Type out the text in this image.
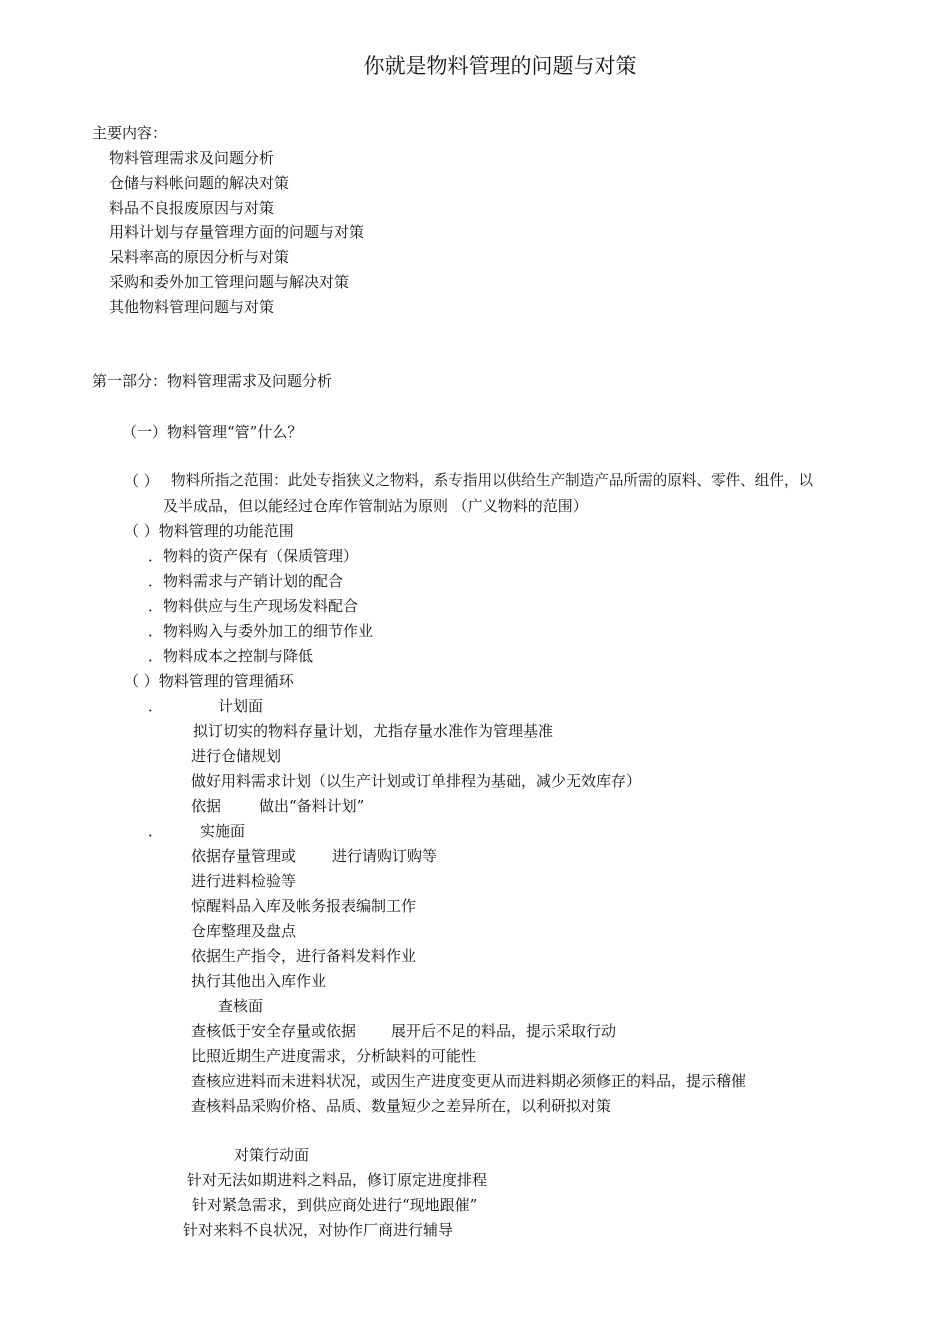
你就是物料管理的问题与对策
主要内容：
物料管理需求及问题分析
仓储与料帐问题的解决对策
料品不良报废原因与对策
用料计划与存量管理方面的问题与对策
呆料率高的原因分析与对策
采购和委外加工管理问题与解决对策
其他物料管理问题与对策
第一部分：物料管理需求及问题分析
（一）物料管理“管”什么？
（ ） 物料所指之范围：此处专指狭义之物料，系专指用以供给生产制造产品所需的原料、零件、组件，以
及半成品，但以能经过仓库作管制站为原则 （广义物料的范围）
（ ）物料管理的功能范围
．物料的资产保有（保质管理）
．物料需求与产销计划的配合
．物料供应与生产现场发料配合
．物料购入与委外加工的细节作业
．物料成本之控制与降低
（ ）物料管理的管理循环
．	计划面
拟订切实的物料存量计划，尤指存量水准作为管理基准
进行仓储规划
做好用料需求计划（以生产计划或订单排程为基础，减少无效库存）
依据	做出“备料计划”
． 实施面
依据存量管理或 进行请购订购等
进行进料检验等
惊醒料品入库及帐务报表编制工作
仓库整理及盘点
依据生产指令，进行备料发料作业
执行其他出入库作业
查核面
查核低于安全存量或依据 展开后不足的料品，提示采取行动
比照近期生产进度需求，分析缺料的可能性
查核应进料而未进料状况，或因生产进度变更从而进料期必须修正的料品，提示稽催
查核料品采购价格、品质、数量短少之差异所在，以利研拟对策
对策行动面
针对无法如期进料之料品，修订原定进度排程
针对紧急需求，到供应商处进行“现地跟催”
针对来料不良状况，对协作厂商进行辅导
